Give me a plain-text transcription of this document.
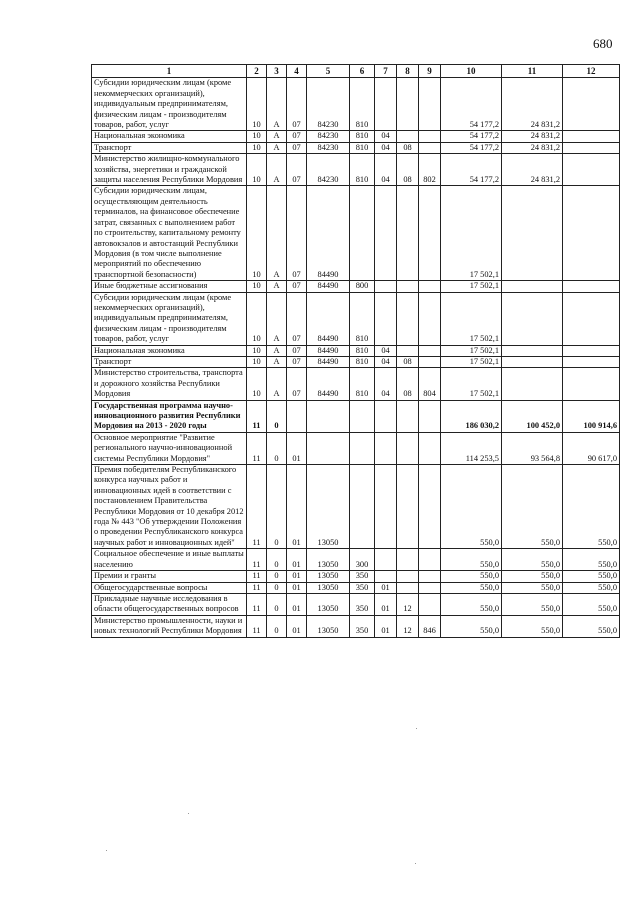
680
1	2	3	4	5	6	7	8	9	10	11	12
Субсидии юридическим лицам (кроме некоммерческих организаций), индивидуальным предпринимателям, физическим лицам - производителям товаров, работ, услуг	10	А	07	84230	810				54 177,2	24 831,2	
Национальная экономика	10	А	07	84230	810	04			54 177,2	24 831,2	
Транспорт	10	А	07	84230	810	04	08		54 177,2	24 831,2	
Министерство жилищно-коммунального хозяйства, энергетики и гражданской защиты населения Республики Мордовия	10	А	07	84230	810	04	08	802	54 177,2	24 831,2	
Субсидии юридическим лицам, осуществляющим деятельность терминалов, на финансовое обеспечение затрат, связанных с выполнением работ по строительству, капитальному ремонту автовокзалов и автостанций Республики Мордовия (в том числе выполнение мероприятий по обеспечению транспортной безопасности)	10	А	07	84490					17 502,1		
Иные бюджетные ассигнования	10	А	07	84490	800				17 502,1		
Субсидии юридическим лицам (кроме некоммерческих организаций), индивидуальным предпринимателям, физическим лицам - производителям товаров, работ, услуг	10	А	07	84490	810				17 502,1		
Национальная экономика	10	А	07	84490	810	04			17 502,1		
Транспорт	10	А	07	84490	810	04	08		17 502,1		
Министерство строительства, транспорта и дорожного хозяйства Республики Мордовия	10	А	07	84490	810	04	08	804	17 502,1		
Государственная программа научно-инновационного развития Республики Мордовия на 2013 - 2020 годы	11	0							186 030,2	100 452,0	100 914,6
Основное мероприятие "Развитие регионального научно-инновационной системы Республики Мордовия"	11	0	01						114 253,5	93 564,8	90 617,0
Премия победителям Республиканского конкурса научных работ и инновационных идей в соответствии с постановлением Правительства Республики Мордовия от 10 декабря 2012 года № 443 "Об утверждении Положения о проведении Республиканского конкурса научных работ и инновационных идей"	11	0	01	13050					550,0	550,0	550,0
Социальное обеспечение и иные выплаты населению	11	0	01	13050	300				550,0	550,0	550,0
Премии и гранты	11	0	01	13050	350				550,0	550,0	550,0
Общегосударственные вопросы	11	0	01	13050	350	01			550,0	550,0	550,0
Прикладные научные исследования в области общегосударственных вопросов	11	0	01	13050	350	01	12		550,0	550,0	550,0
Министерство промышленности, науки и новых технологий Республики Мордовия	11	0	01	13050	350	01	12	846	550,0	550,0	550,0
